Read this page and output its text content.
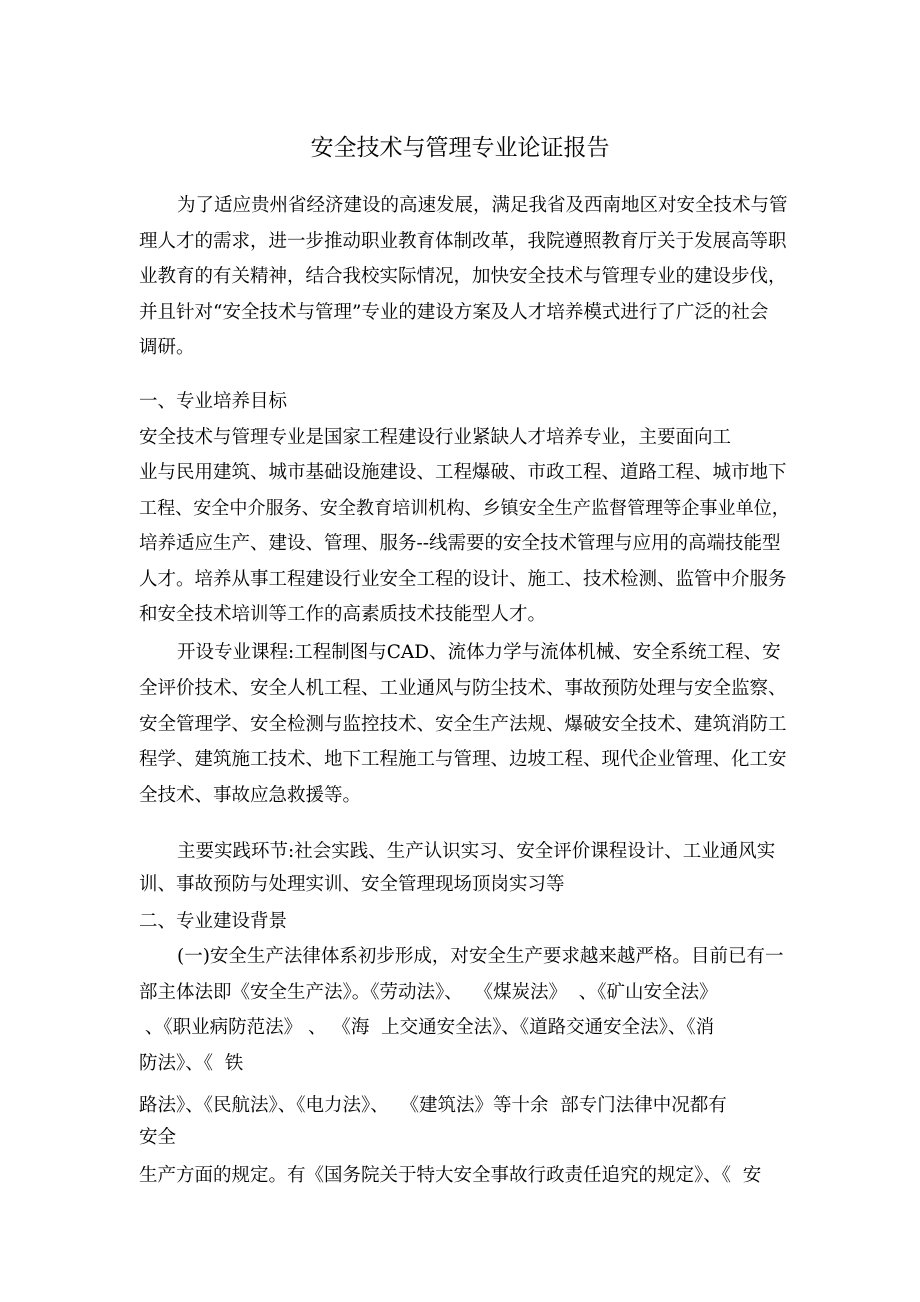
安全技术与管理专业论证报告
为了适应贵州省经济建设的高速发展，满足我省及西南地区对安全技术与管
理人才的需求，进一步推动职业教育体制改革，我院遵照教育厅关于发展高等职
业教育的有关精神，结合我校实际情况，加快安全技术与管理专业的建设步伐，
并且针对“安全技术与管理”专业的建设方案及人才培养模式进行了广泛的社会
调研。
一、专业培养目标
安全技术与管理专业是国家工程建设行业紧缺人才培养专业，主要面向工
业与民用建筑、城市基础设施建设、工程爆破、市政工程、道路工程、城市地下
工程、安全中介服务、安全教育培训机构、乡镇安全生产监督管理等企事业单位，
培养适应生产、建设、管理、服务--线需要的安全技术管理与应用的高端技能型
人才。培养从事工程建设行业安全工程的设计、施工、技术检测、监管中介服务
和安全技术培训等工作的高素质技术技能型人才。
开设专业课程:工程制图与CAD、流体力学与流体机械、安全系统工程、安
全评价技术、安全人机工程、工业通风与防尘技术、事故预防处理与安全监察、
安全管理学、安全检测与监控技术、安全生产法规、爆破安全技术、建筑消防工
程学、建筑施工技术、地下工程施工与管理、边坡工程、现代企业管理、化工安
全技术、事故应急救援等。
主要实践环节:社会实践、生产认识实习、安全评价课程设计、工业通风实
训、事故预防与处理实训、安全管理现场顶岗实习等
二、专业建设背景
(一)安全生产法律体系初步形成，对安全生产要求越来越严格。目前已有一
部主体法即《安全生产法》。《劳动法》、  《煤炭法》  、《矿山安全法》
、《职业病防范法》 、 《海  上交通安全法》、《道路交通安全法》、《消
防法》、《  铁
路法》、《民航法》、《电力法》、  《建筑法》等十余  部专门法律中况都有
安全
生产方面的规定。有《国务院关于特大安全事故行政责任追究的规定》、《  安
